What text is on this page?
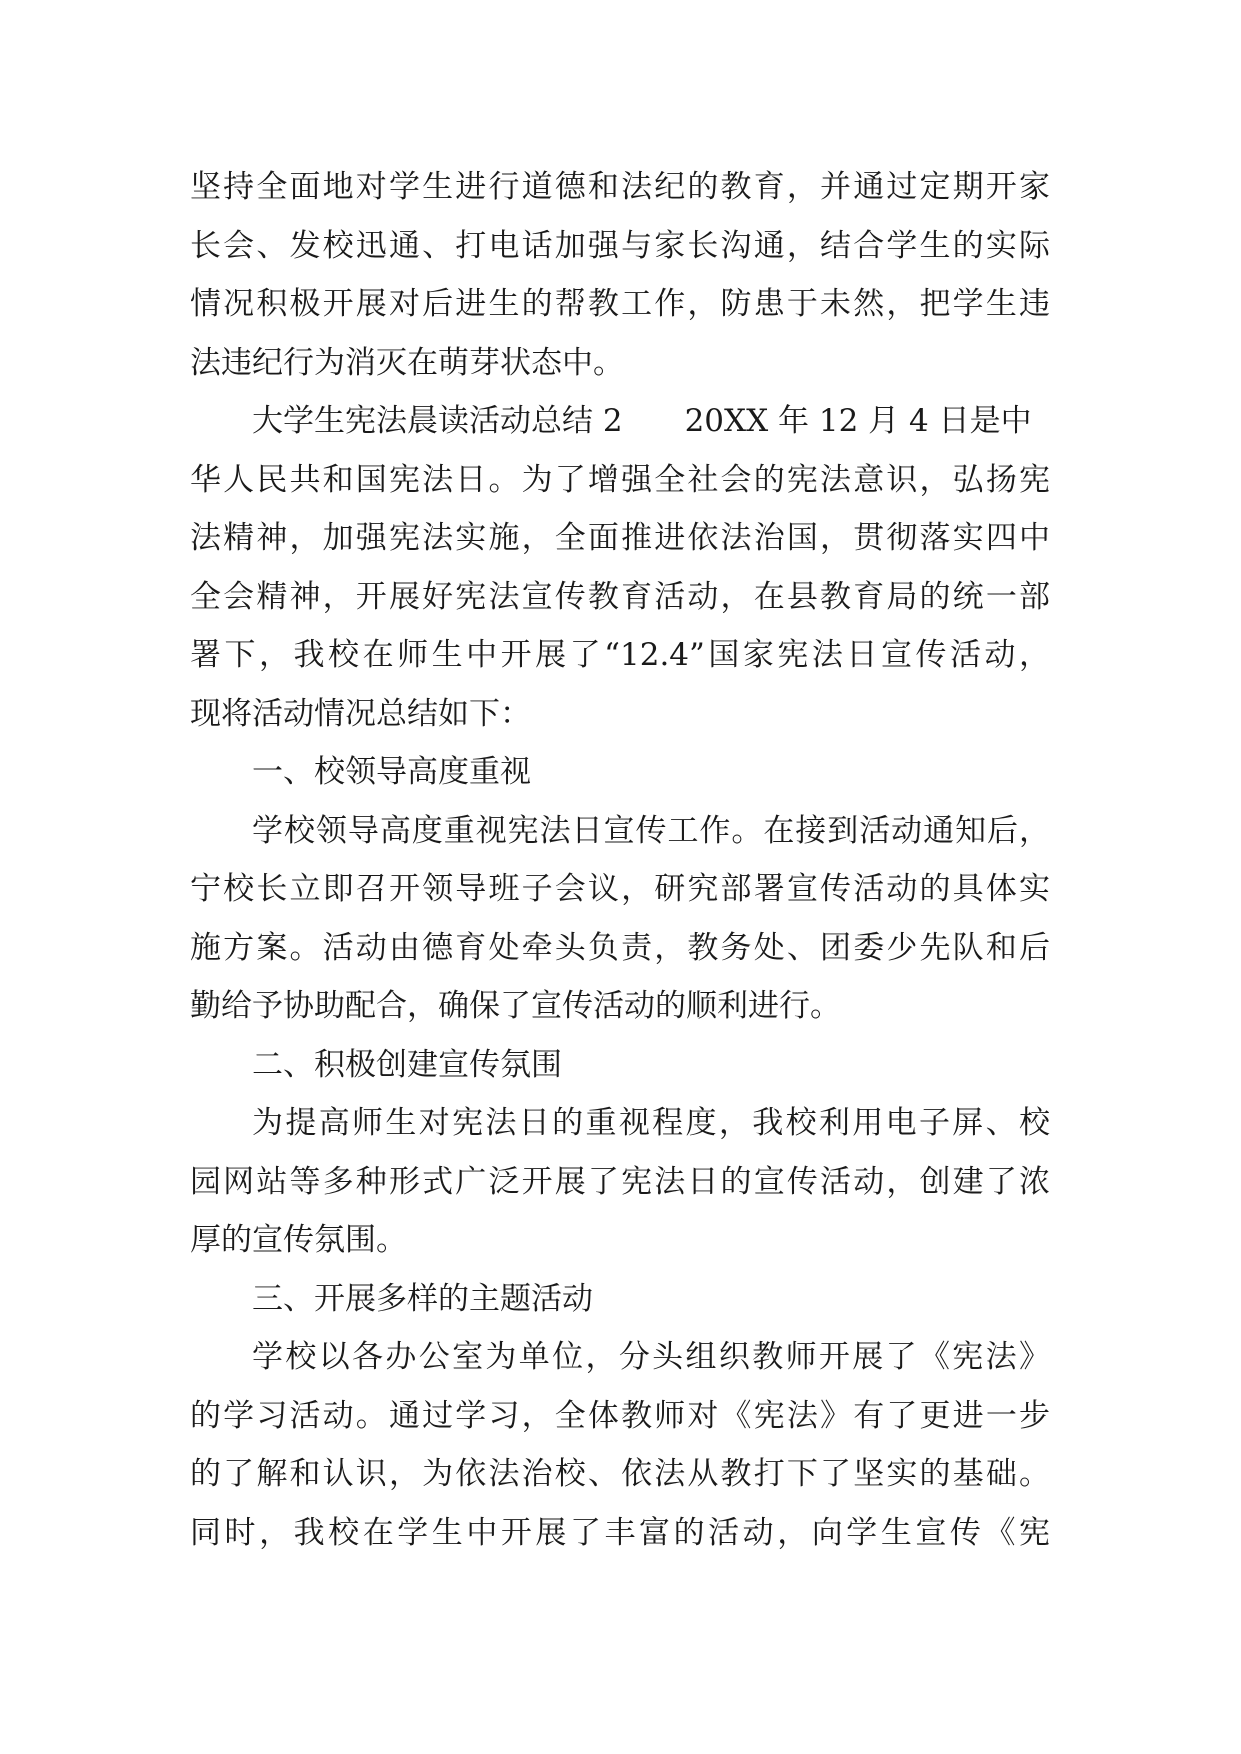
坚持全面地对学生进行道德和法纪的教育，并通过定期开家
长会、发校迅通、打电话加强与家长沟通，结合学生的实际
情况积极开展对后进生的帮教工作，防患于未然，把学生违
法违纪行为消灭在萌芽状态中。
大学生宪法晨读活动总结 2 20XX 年 12 月 4 日是中
华人民共和国宪法日。为了增强全社会的宪法意识，弘扬宪
法精神，加强宪法实施，全面推进依法治国，贯彻落实四中
全会精神，开展好宪法宣传教育活动，在县教育局的统一部
署下，我校在师生中开展了“12.4”国家宪法日宣传活动，
现将活动情况总结如下：
一、校领导高度重视
学校领导高度重视宪法日宣传工作。在接到活动通知后，
宁校长立即召开领导班子会议，研究部署宣传活动的具体实
施方案。活动由德育处牵头负责，教务处、团委少先队和后
勤给予协助配合，确保了宣传活动的顺利进行。
二、积极创建宣传氛围
为提高师生对宪法日的重视程度，我校利用电子屏、校
园网站等多种形式广泛开展了宪法日的宣传活动，创建了浓
厚的宣传氛围。
三、开展多样的主题活动
学校以各办公室为单位，分头组织教师开展了《宪法》
的学习活动。通过学习，全体教师对《宪法》有了更进一步
的了解和认识，为依法治校、依法从教打下了坚实的基础。
同时，我校在学生中开展了丰富的活动，向学生宣传《宪
